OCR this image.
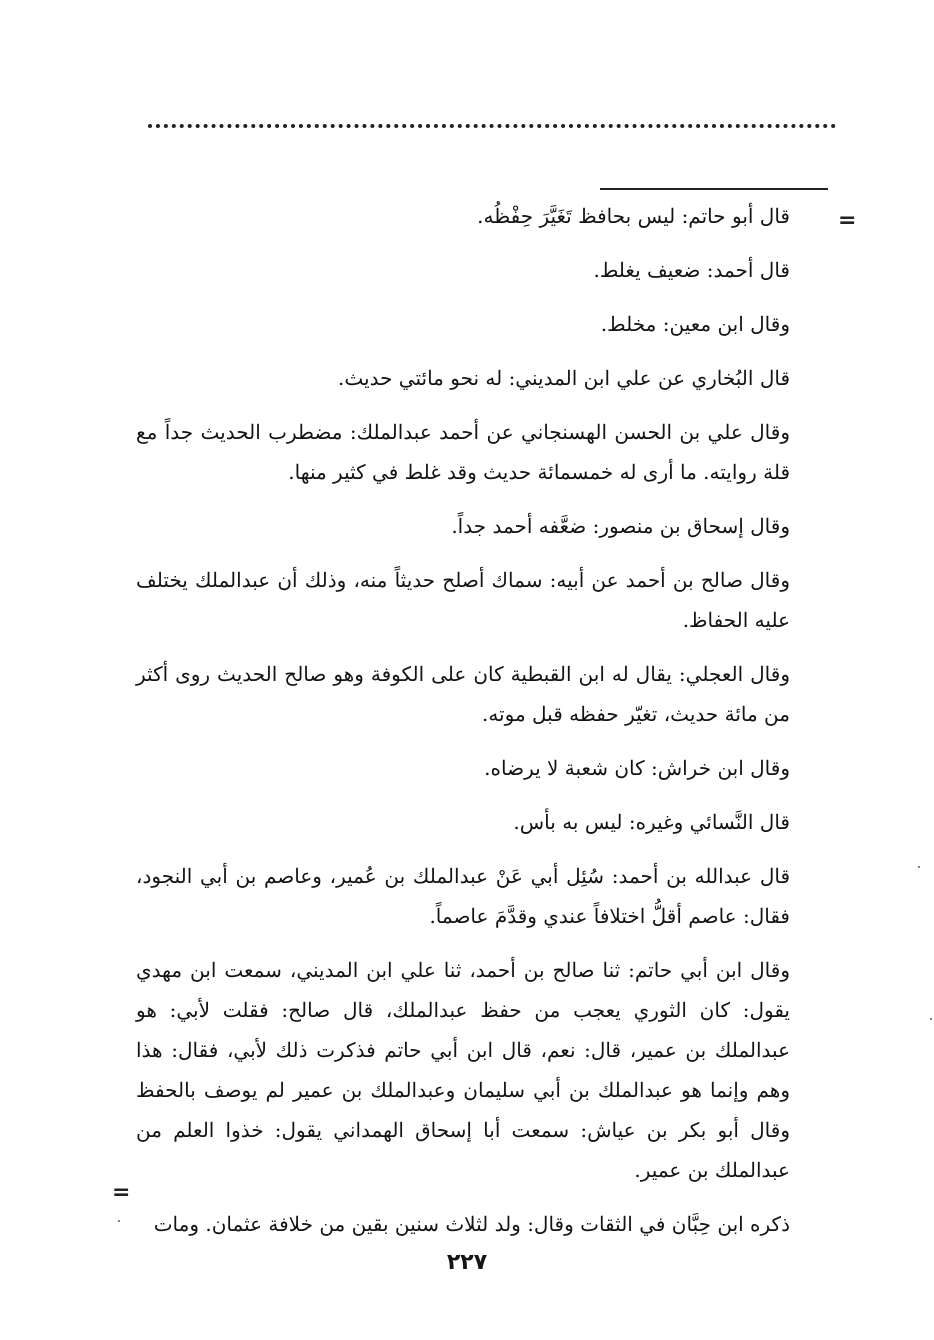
=

قال أبو حاتم: ليس بحافظ تَغَيَّرَ حِفْظُه.

قال أحمد: ضعيف يغلط.

وقال ابن معين: مخلط.

قال البُخاري عن علي ابن المديني: له نحو مائتي حديث.

وقال علي بن الحسن الهسنجاني عن أحمد عبدالملك: مضطرب الحديث جداً مع قلة روايته. ما أرى له خمسمائة حديث وقد غلط في كثير منها.

وقال إسحاق بن منصور: ضعَّفه أحمد جداً.

وقال صالح بن أحمد عن أبيه: سماك أصلح حديثاً منه، وذلك أن عبدالملك يختلف عليه الحفاظ.

وقال العجلي: يقال له ابن القبطية كان على الكوفة وهو صالح الحديث روى أكثر من مائة حديث، تغيّر حفظه قبل موته.

وقال ابن خراش: كان شعبة لا يرضاه.

قال النَّسائي وغيره: ليس به بأس.

قال عبدالله بن أحمد: سُئِل أبي عَنْ عبدالملك بن عُمير، وعاصم بن أبي النجود، فقال: عاصم أقلُّ اختلافاً عندي وقدَّمَ عاصماً.

وقال ابن أبي حاتم: ثنا صالح بن أحمد، ثنا علي ابن المديني، سمعت ابن مهدي يقول: كان الثوري يعجب من حفظ عبدالملك، قال صالح: فقلت لأبي: هو عبدالملك بن عمير، قال: نعم، قال ابن أبي حاتم فذكرت ذلك لأبي، فقال: هذا وهم وإنما هو عبدالملك بن أبي سليمان وعبدالملك بن عمير لم يوصف بالحفظ وقال أبو بكر بن عياش: سمعت أبا إسحاق الهمداني يقول: خذوا العلم من عبدالملك بن عمير.

ذكره ابن حِبَّان في الثقات وقال: ولد لثلاث سنين بقين من خلافة عثمان. ومات

=
٢٢٧
